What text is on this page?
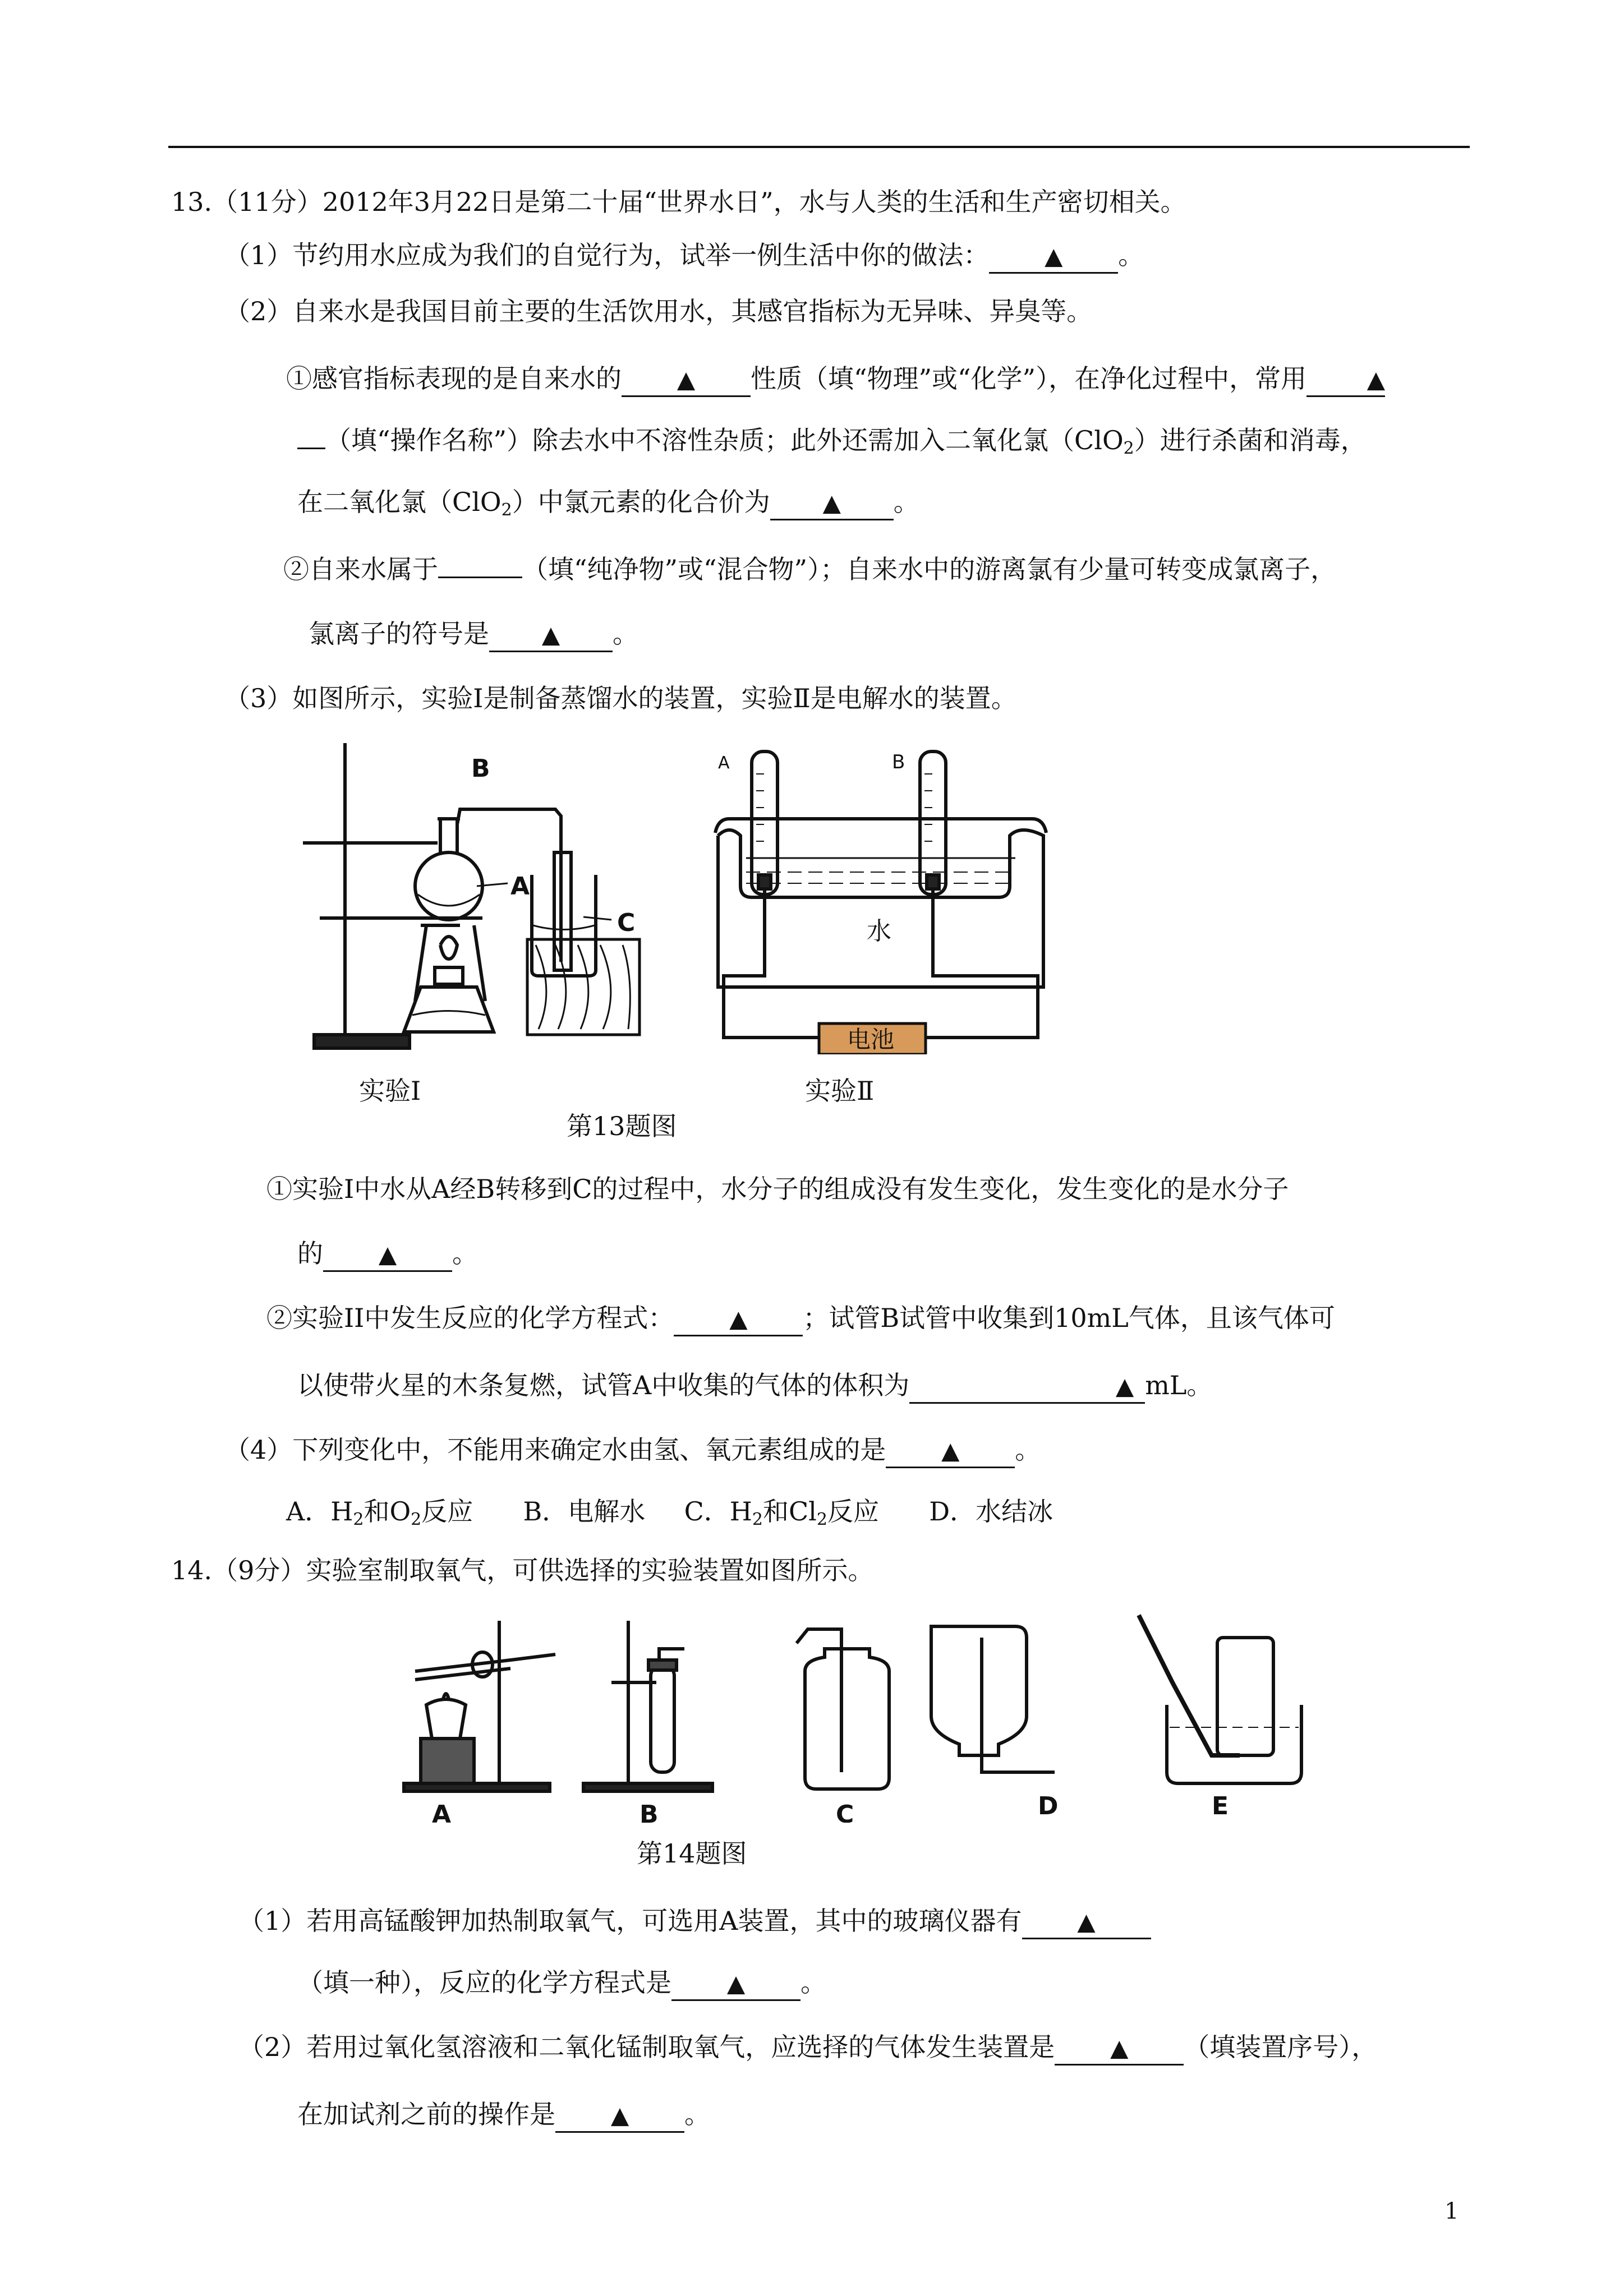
13.（11分）2012年3月22日是第二十届“世界水日”，水与人类的生活和生产密切相关。
（1）节约用水应成为我们的自觉行为，试举一例生活中你的做法： ▲ 。
（2）自来水是我国目前主要的生活饮用水，其感官指标为无异味、异臭等。
①感官指标表现的是自来水的 ▲ 性质（填“物理”或“化学”），在净化过程中，常用	▲
（填“操作名称”）除去水中不溶性杂质；此外还需加入二氧化氯（ClO$_2$）进行杀菌和消毒，
在二氧化氯（ClO$_2$）中氯元素的化合价为 ▲ 。
②自来水属于	（填“纯净物”或“混合物”）；自来水中的游离氯有少量可转变成氯离子，
氯离子的符号是 ▲ 。
（3）如图所示，实验Ⅰ是制备蒸馏水的装置，实验Ⅱ是电解水的装置。
B
A
C
A	B
水
电池
实验Ⅰ	实验Ⅱ
第13题图
①实验Ⅰ中水从A经B转移到C的过程中，水分子的组成没有发生变化，发生变化的是水分子
的 ▲ 。
②实验II中发生反应的化学方程式： ▲ ；试管B试管中收集到10mL气体，且该气体可
以使带火星的木条复燃，试管A中收集的气体的体积为	▲ mL。
（4）下列变化中，不能用来确定水由氢、氧元素组成的是 ▲ 。
A．$H_2$和$O_2$反应 B．电解水 C．$H_2$和$Cl_2$反应 D．水结冰
14.（9分）实验室制取氧气，可供选择的实验装置如图所示。
A	B	C	D	E
第14题图
（1）若用高锰酸钾加热制取氧气，可选用A装置，其中的玻璃仪器有 ▲
（填一种），反应的化学方程式是 ▲ 。
（2）若用过氧化氢溶液和二氧化锰制取氧气，应选择的气体发生装置是 ▲ （填装置序号），
在加试剂之前的操作是 ▲ 。
1
